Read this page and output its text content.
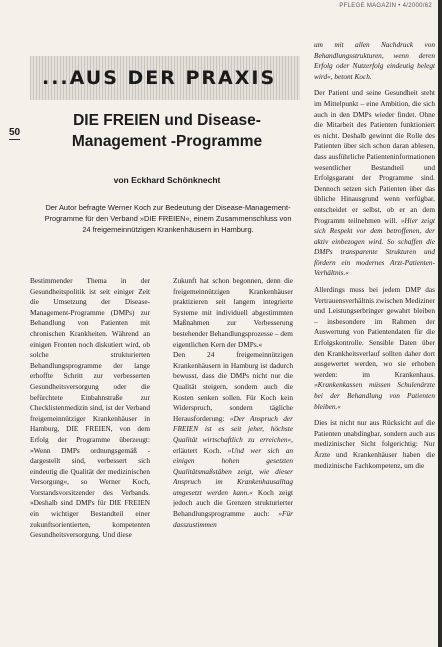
PFLEGE MAGAZIN • 4/2000/62
...AUS DER PRAXIS
50
DIE FREIEN und Disease-
Management -Programme
von Eckhard Schönknecht

Der Autor befragte Werner Koch zur Bedeutung der Disease-Management-Programme für den Verband »DIE FREIEN«, einem Zusammenschluss von 24 freigemeinnützigen Krankenhäusern in Hamburg.

Bestimmender Thema in der Gesundheitspolitik ist seit einiger Zeit die Umsetzung der Disease-Management-Programme (DMPs) zur Behandlung von Patienten mit chronischen Krankheiten. Während an einigen Fronten noch diskutiert wird, ob solche strukturierten Behandlungsprogramme der lange erhoffte Schritt zur verbesserten Gesundheitsversorgung oder die befürchtete Einbahnstraße zur Checklistenmedizin sind, ist der Verband freigemeinnütziger Krankenhäuser in Hamburg, DIE FREIEN, von dem Erfolg der Programme überzeugt: »Wenn DMPs ordnungsgemäß dargestellt sind, verbessert sich eindeutig die Qualität der medizinischen Versorgung«, so Werner Koch, Vorstandsvorsitzender des Verbands. »Deshalb sind DMPs für DIE FREIEN ein wichtiger Bestandteil einer zukunftsorientierten, kompetenten Gesundheitsversorgung. Und diese

Zukunft hat schon begonnen, denn die freigemeinnützigen Krankenhäuser praktizieren seit langem integrierte Systeme mit individuell abgestimmten Maßnahmen zur Verbesserung bestehender Behandlungsprozesse – dem eigentlichen Kern der DMPs.«

Den 24 freigemeinnützigen Krankenhäusern in Hamburg ist dadurch bewusst, dass die DMPs nicht nur die Qualität steigern, sondern auch die Kosten senken sollen. Für Koch kein Widerspruch, sondern tägliche Herausforderung: »Der Anspruch der FREIEN ist es seit jeher, höchste Qualität wirtschaftlich zu erreichen«, erläutert Koch. »Und wer sich an einigen hohen gesetzten Qualitätsmaßstäben zeigt, wie dieser Anspruch im Krankenhausalltag umgesetzt werden kann.« Koch zeigt jedoch auch die Grenzen strukturierter Behandlungsprogramme auch: »Für dasszustimmen

um mit allen Nachdruck von Behandlungsstrukturen, wenn deren Erfolg oder Nutzerfolg eindeutig belegt wird«, betont Koch.

Der Patient und seine Gesundheit steht im Mittelpunkt – eine Ambition, die sich auch in den DMPs wieder findet. Ohne die Mitarbeit des Patienten funktioniert es nicht. Deshalb gewinnt die Rolle des Patienten über sich schon daran ablesen, dass ausführliche Patienteninformationen wesentlicher Bestandteil und Erfolgsgarant der Programme sind. Dennoch setzen sich Patienten über das übliche Hinausgrund wenn verfügbar, entscheidet er selbst, ob er an dem Programm teilnehmen will. »Hier zeigt sich Respekt vor dem betroffenen, der aktiv einbezogen wird. So schaffen die DMPs transparente Strukturen und fördern ein modernes Arzt-Patienten-Verhältnis.«

Allerdings muss bei jedem DMP das Vertrauensverhältnis zwischen Mediziner und Leistungserbringer gewahrt bleiben – insbesondere im Rahmen der Auswertung von Patientendaten für die Erfolgskontrolle. Sensible Daten über den Krankheitsverlauf sollten daher dort ausgewertet werden, wo sie erhoben werden: im Krankenhaus. »Krankenkassen müssen Schulenärzte bei der Behandlung von Patienten bleiben.«

Dies ist nicht nur aus Rücksicht auf die Patienten unabdingbar, sondern auch aus medizinischer Sicht folgerichtig: Nur Ärzte und Krankenhäuser haben die medizinische Fachkompetenz, um die
